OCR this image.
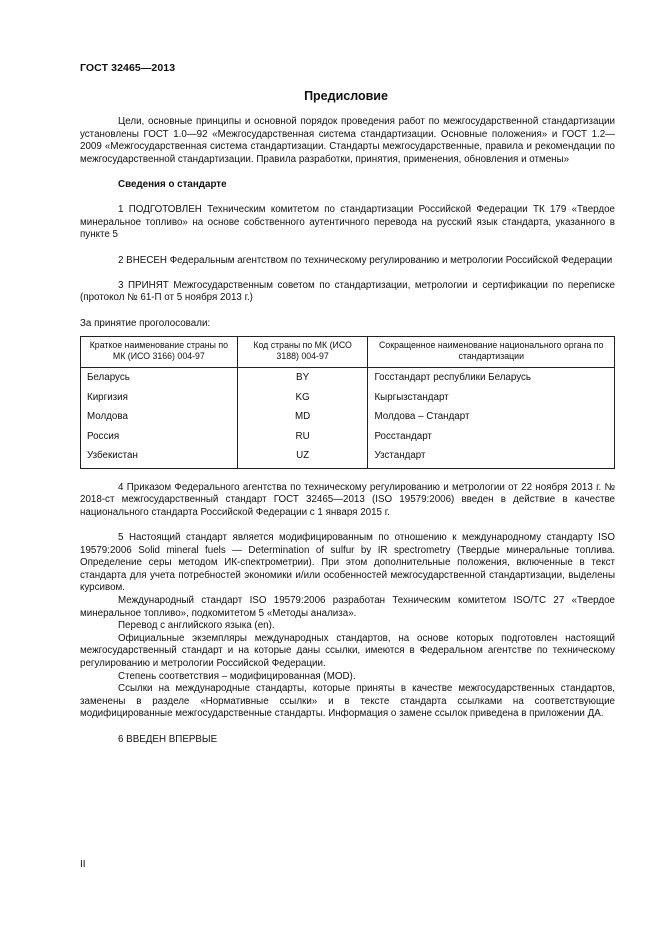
ГОСТ 32465—2013
Предисловие

Цели, основные принципы и основной порядок проведения работ по межгосударственной стандартизации установлены ГОСТ 1.0—92 «Межгосударственная система стандартизации. Основные положения» и ГОСТ 1.2—2009 «Межгосударственная система стандартизации. Стандарты межгосударственные, правила и рекомендации по межгосударственной стандартизации. Правила разработки, принятия, применения, обновления и отмены»

Сведения о стандарте

1 ПОДГОТОВЛЕН Техническим комитетом по стандартизации Российской Федерации ТК 179 «Твердое минеральное топливо» на основе собственного аутентичного перевода на русский язык стандарта, указанного в пункте 5

2 ВНЕСЕН Федеральным агентством по техническому регулированию и метрологии Российской Федерации

3 ПРИНЯТ Межгосударственным советом по стандартизации, метрологии и сертификации по переписке (протокол № 61-П от 5 ноября 2013 г.)

За принятие проголосовали:

Краткое наименование страны по МК (ИСО 3166) 004-97	Код страны по МК (ИСО 3188) 004-97	Сокращенное наименование национального органа по стандартизации
Беларусь	BY	Госстандарт республики Беларусь
Киргизия	KG	Кыргызстандарт
Молдова	MD	Молдова – Стандарт
Россия	RU	Росстандарт
Узбекистан	UZ	Узстандарт

4 Приказом Федерального агентства по техническому регулированию и метрологии от 22 ноября 2013 г. № 2018-ст межгосударственный стандарт ГОСТ 32465—2013 (ISO 19579:2006) введен в действие в качестве национального стандарта Российской Федерации с 1 января 2015 г.

5 Настоящий стандарт является модифицированным по отношению к международному стандарту ISO 19579:2006 Solid mineral fuels — Determination of sulfur by IR spectrometry (Твердые минеральные топлива. Определение серы методом ИК-спектрометрии). При этом дополнительные положения, включенные в текст стандарта для учета потребностей экономики и/или особенностей межгосударственной стандартизации, выделены курсивом.

Международный стандарт ISO 19579:2006 разработан Техническим комитетом ISO/TC 27 «Твердое минеральное топливо», подкомитетом 5 «Методы анализа».

Перевод с английского языка (en).

Официальные экземпляры международных стандартов, на основе которых подготовлен настоящий межгосударственный стандарт и на которые даны ссылки, имеются в Федеральном агентстве по техническому регулированию и метрологии Российской Федерации.

Степень соответствия – модифицированная (MOD).

Ссылки на международные стандарты, которые приняты в качестве межгосударственных стандартов, заменены в разделе «Нормативные ссылки» и в тексте стандарта ссылками на соответствующие модифицированные межгосударственные стандарты. Информация о замене ссылок приведена в приложении ДА.

6 ВВЕДЕН ВПЕРВЫЕ

II
